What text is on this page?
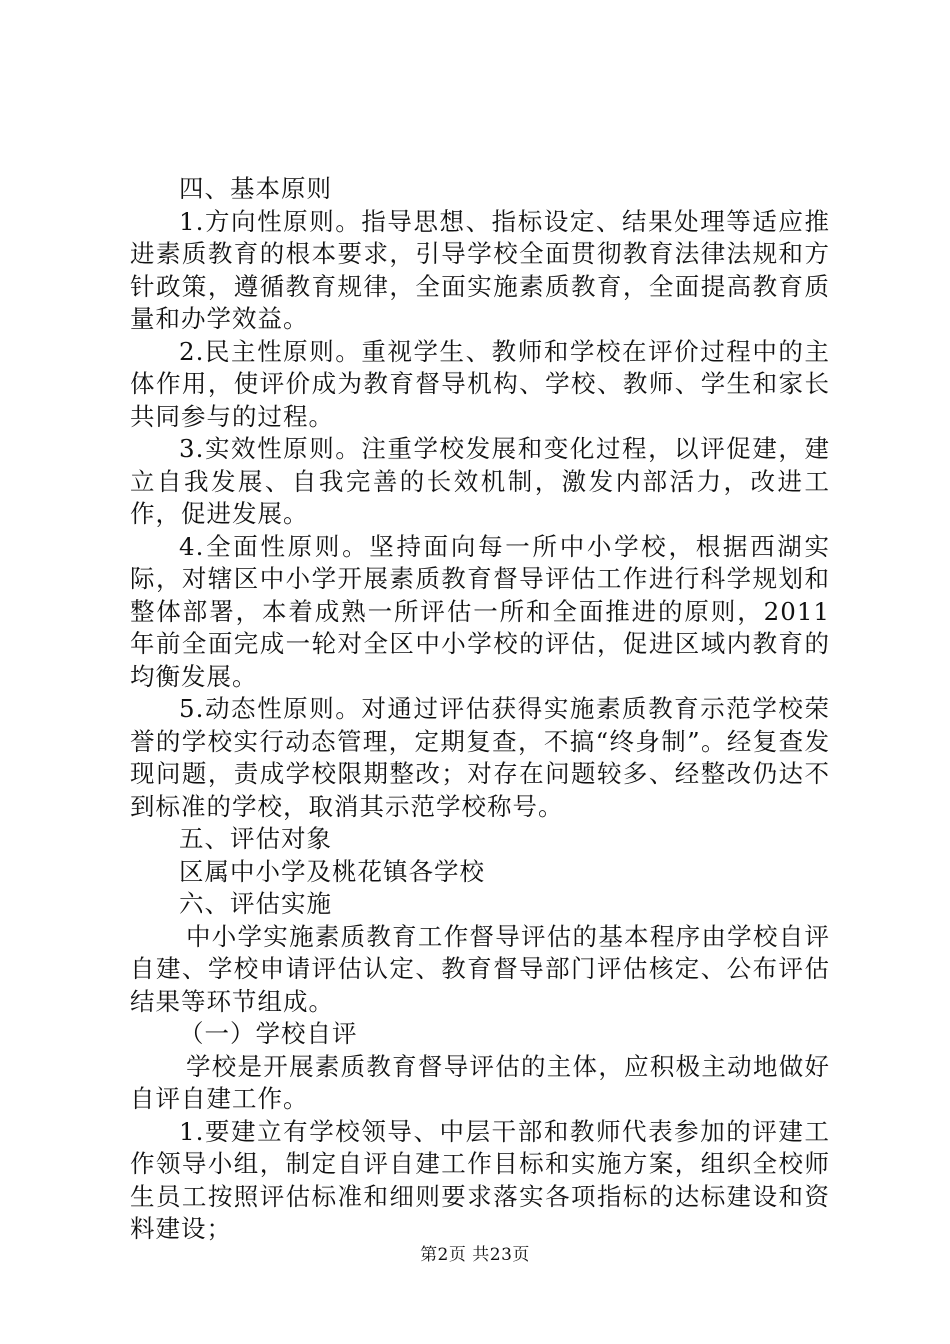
四、基本原则

1.方向性原则。指导思想、指标设定、结果处理等适应推进素质教育的根本要求，引导学校全面贯彻教育法律法规和方针政策，遵循教育规律，全面实施素质教育，全面提高教育质量和办学效益。

2.民主性原则。重视学生、教师和学校在评价过程中的主体作用，使评价成为教育督导机构、学校、教师、学生和家长共同参与的过程。

3.实效性原则。注重学校发展和变化过程，以评促建，建立自我发展、自我完善的长效机制，激发内部活力，改进工作，促进发展。

4.全面性原则。坚持面向每一所中小学校，根据西湖实际，对辖区中小学开展素质教育督导评估工作进行科学规划和整体部署，本着成熟一所评估一所和全面推进的原则，2011年前全面完成一轮对全区中小学校的评估，促进区域内教育的均衡发展。

5.动态性原则。对通过评估获得实施素质教育示范学校荣誉的学校实行动态管理，定期复查，不搞“终身制”。经复查发现问题，责成学校限期整改；对存在问题较多、经整改仍达不到标准的学校，取消其示范学校称号。

五、评估对象

区属中小学及桃花镇各学校

六、评估实施

中小学实施素质教育工作督导评估的基本程序由学校自评自建、学校申请评估认定、教育督导部门评估核定、公布评估结果等环节组成。

（一）学校自评

学校是开展素质教育督导评估的主体，应积极主动地做好自评自建工作。

1.要建立有学校领导、中层干部和教师代表参加的评建工作领导小组，制定自评自建工作目标和实施方案，组织全校师生员工按照评估标准和细则要求落实各项指标的达标建设和资料建设；

第2页 共23页
